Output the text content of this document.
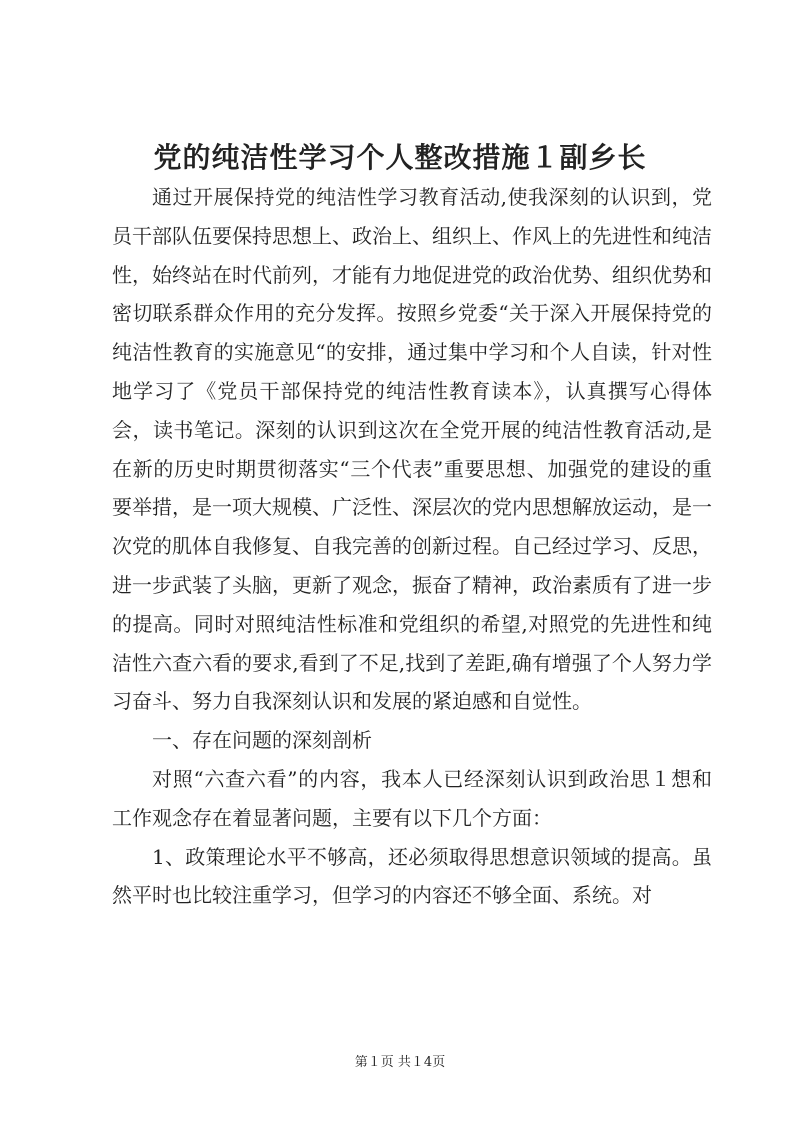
党的纯洁性学习个人整改措施１副乡长

通过开展保持党的纯洁性学习教育活动,使我深刻的认识到，党员干部队伍要保持思想上、政治上、组织上、作风上的先进性和纯洁性，始终站在时代前列，才能有力地促进党的政治优势、组织优势和密切联系群众作用的充分发挥。按照乡党委“关于深入开展保持党的纯洁性教育的实施意见“的安排，通过集中学习和个人自读，针对性地学习了《党员干部保持党的纯洁性教育读本》，认真撰写心得体会，读书笔记。深刻的认识到这次在全党开展的纯洁性教育活动,是在新的历史时期贯彻落实“三个代表”重要思想、加强党的建设的重要举措，是一项大规模、广泛性、深层次的党内思想解放运动，是一次党的肌体自我修复、自我完善的创新过程。自己经过学习、反思，进一步武装了头脑，更新了观念，振奋了精神，政治素质有了进一步的提高。同时对照纯洁性标准和党组织的希望,对照党的先进性和纯洁性六查六看的要求,看到了不足,找到了差距,确有增强了个人努力学习奋斗、努力自我深刻认识和发展的紧迫感和自觉性。

一、存在问题的深刻剖析

对照“六查六看”的内容，我本人已经深刻认识到政治思１想和工作观念存在着显著问题，主要有以下几个方面：

1、政策理论水平不够高，还必须取得思想意识领域的提高。虽然平时也比较注重学习，但学习的内容还不够全面、系统。对

第１页 共１4页
